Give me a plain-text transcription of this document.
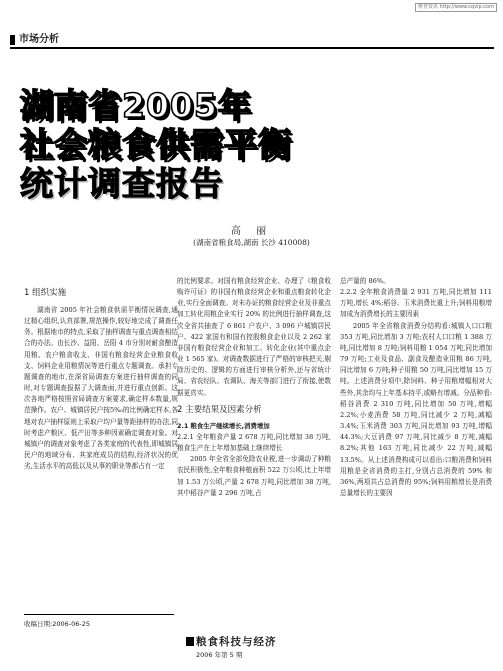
维普资讯 http://www.cqvip.com
市场分析
湖南省2005年
社会粮食供需平衡
统计调查报告
高 丽
(湖南省粮食局,湖南 长沙 410008)
1 组织实施

湖南省 2005 年社会粮食供需平衡情况调查,通过精心组织,认真部署,规范操作,较好地完成了调查任务。根据地市的特点,采取了抽样调查与重点调查相结合的办法。由长沙、益阳、岳阳 4 市分别对耐食酿造用粮、农户粮食收支、非国有粮食经营企业粮食收支、饲料企业用粮情况等进行重点专题调查。承担专题调查的地市,在深省局调查方案进行抽样调查的同时,对专题调查报据了大调查面,并进行重点创新。这次各地严格按照省局调查方案要求,确定样本数量,规范操作。农户、城镇居民户按5‰的比例确定样本,各地对农户抽样原则上采取户均户量等距抽样的办法,同时考虑产粮区、低产田等多种因素确定调查对象。对城镇户的调查对象考虑了各类家庭的代表性,即城镇居民户的地域分布、其家庭成员的结构,经济状况的优劣,生活水平的高低以及从事的职业等都占有一定

的比例要求。对国有粮食经营企业、办理了《粮食收购许可证》的非国有粮食经营企业和重点粮食转化企业,实行全面调查。对未办证的粮食经营企业及非重点加工转化用粮企业实行 20% 的比例进行抽样调查,这次全省共抽查了 6 861 户农户、3 096 户城镇居民户、422 家国有和国有控股粮食企业以及 2 262 家非国有粮食经营企业和加工、转化企业(其中重点企业 1 565 家)。对调查数据进行了严格的审核把关,剔除历史的、逻辑的方面进行审核分析外,还与省统计局、省农经队、农调队、海关等部门进行了衔接,使数据更真实。

2 主要结果及因素分析

2.1 粮食生产继续增长,消费增加

2.2.1 全年粮食产量 2 678 万吨,同比增加 38 万吨,粮食生产在上年增加基础上继续增长

2005 年全省全部免除农业税,进一步调动了种粮农民积极性,全年粮食种植面积 522 万公顷,比上年增加 1.53 万公顷,产量 2 678 万吨,同比增加 38 万吨,其中稻谷产量 2 296 万吨,占

总产量的 86%。

2.2.2 全年粮食消费量 2 931 万吨,同比增加 111 万吨,增长 4%;稻谷、玉米消费比重上升;饲料用粮增加成为消费增长的主要因素

2005 年全省粮食消费分结构看:城镇人口口粮 353 万吨,同比增加 3 万吨;农村人口口粮 1 388 万吨,同比增加 8 万吨;饲料用粮 1 054 万吨,同比增加 79 万吨;工业及食品、副食及酿造业用粮 86 万吨,同比增加 6 万吨;种子用粮 50 万吨,同比增加 15 万吨。上述消费分项中,除饲料、种子用粮增幅相对大些外,其余均与上年基本持平,或略有增减。分品种看:稻谷消费 2 310 万吨,同比增加 50 万吨,增幅 2.2%;小麦消费 58 万吨,同比减少 2 万吨,减幅 3.4%;玉米消费 303 万吨,同比增加 93 万吨,增幅 44.3%;大豆消费 97 万吨,同比减少 8 万吨,减幅 8.2%;其他 163 万吨,同比减少 22 万吨,减幅 13.5%。从上述消费构成可以看出:口粮消费和饲料用粮是全省消费的主打,分别占总消费的 59% 和 36%,两项共占总消费的 95%;饲料用粮增长是消费总量增长的主要因

收稿日期:2006-06-25
粮食科技与经济
2006 年第 5 期
